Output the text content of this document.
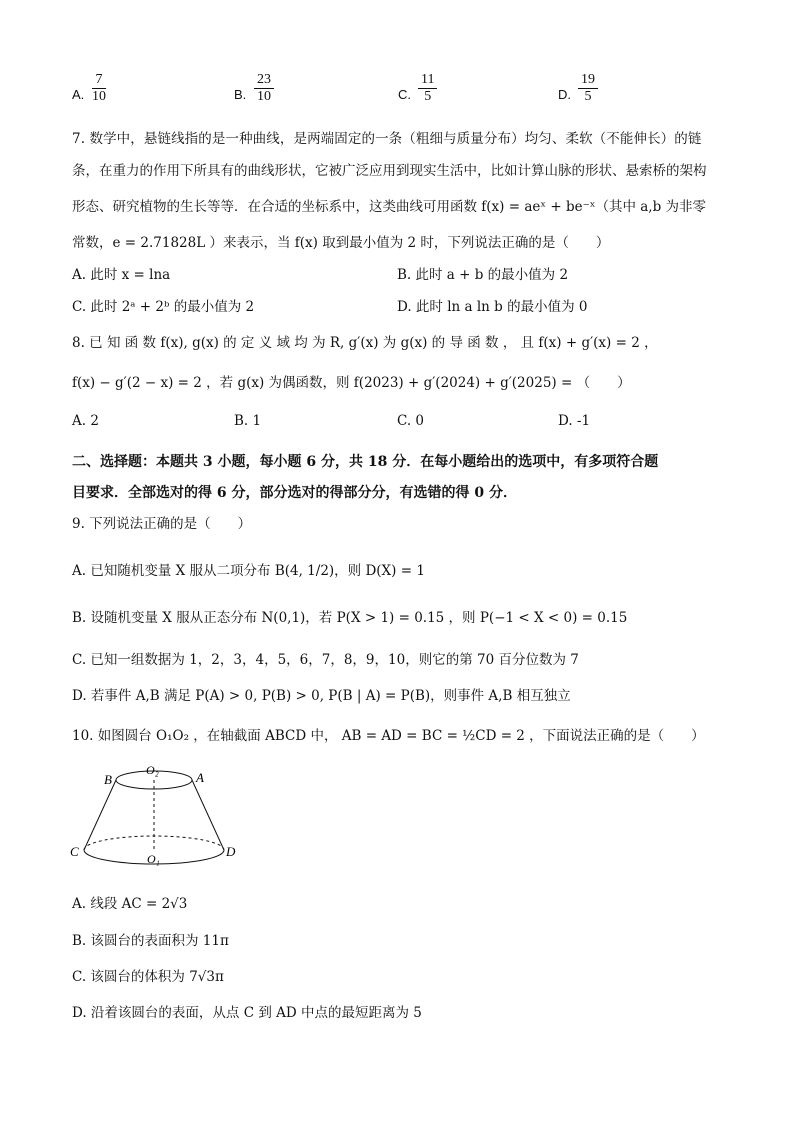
A. $\frac{7}{10}$	B. $\frac{23}{10}$	C. $\frac{11}{5}$	D. $\frac{19}{5}$
7. 数学中，悬链线指的是一种曲线，是两端固定的一条（粗细与质量分布）均匀、柔软（不能伸长）的链
条，在重力的作用下所具有的曲线形状，它被广泛应用到现实生活中，比如计算山脉的形状、悬索桥的架构
形态、研究植物的生长等等．在合适的坐标系中，这类曲线可用函数 f(x) = aeˣ + be⁻ˣ（其中 a,b 为非零
常数，e = 2.71828L ）来表示，当 f(x) 取到最小值为 2 时，下列说法正确的是（　　）
A. 此时 x = lna	B. 此时 a + b 的最小值为 2
C. 此时 2ᵃ + 2ᵇ 的最小值为 2	D. 此时 ln a ln b 的最小值为 0
8. 已 知 函 数 f(x), g(x) 的 定 义 域 均 为 R, g′(x) 为 g(x) 的 导 函 数 ， 且 f(x) + g′(x) = 2 ，
f(x) − g′(2 − x) = 2 ，若 g(x) 为偶函数，则 f(2023) + g′(2024) + g′(2025) = （　　）
A. 2	B. 1	C. 0	D. -1
二、选择题：本题共 3 小题，每小题 6 分，共 18 分．在每小题给出的选项中，有多项符合题
目要求．全部选对的得 6 分，部分选对的得部分分，有选错的得 0 分．
9. 下列说法正确的是（　　）
A. 已知随机变量 X 服从二项分布 B(4, 1/2)，则 D(X) = 1
B. 设随机变量 X 服从正态分布 N(0,1)，若 P(X > 1) = 0.15 ，则 P(−1 < X < 0) = 0.15
C. 已知一组数据为 1，2，3，4，5，6，7，8，9，10，则它的第 70 百分位数为 7
D. 若事件 A,B 满足 P(A) > 0, P(B) > 0, P(B | A) = P(B)，则事件 A,B 相互独立
10. 如图圆台 O₁O₂ ，在轴截面 ABCD 中， AB = AD = BC = ½CD = 2 ，下面说法正确的是（　　）
B
O₂	A
C	O₁	D
A. 线段 AC = 2√3
B. 该圆台的表面积为 11π
C. 该圆台的体积为 7√3π
D. 沿着该圆台的表面，从点 C 到 AD 中点的最短距离为 5
